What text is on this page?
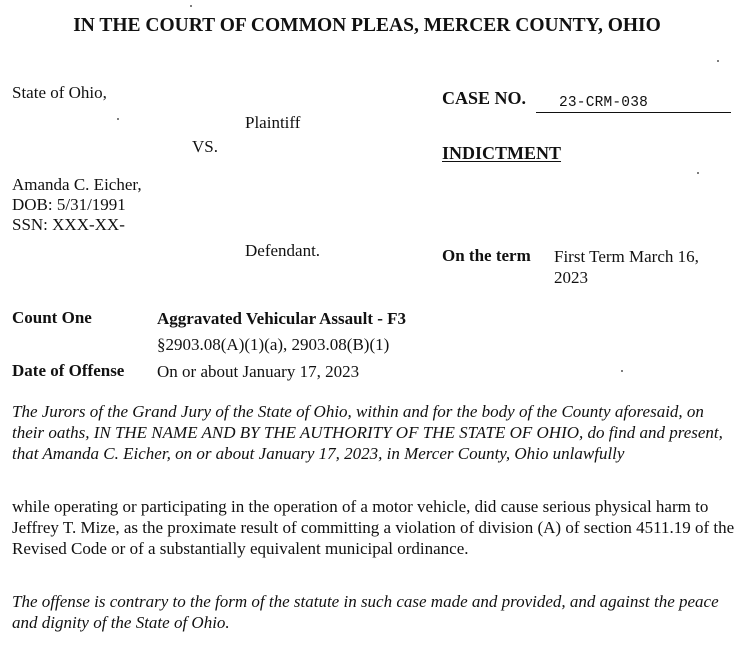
IN THE COURT OF COMMON PLEAS, MERCER COUNTY, OHIO
State of Ohio,
Plaintiff
VS.
Amanda C. Eicher,
DOB: 5/31/1991
SSN: XXX-XX-
Defendant.
CASE NO. 23-CRM-038
INDICTMENT
On the term First Term March 16, 2023
Count One	Aggravated Vehicular Assault - F3
§2903.08(A)(1)(a), 2903.08(B)(1)
Date of Offense On or about January 17, 2023
The Jurors of the Grand Jury of the State of Ohio, within and for the body of the County aforesaid, on their oaths, IN THE NAME AND BY THE AUTHORITY OF THE STATE OF OHIO, do find and present, that Amanda C. Eicher, on or about January 17, 2023, in Mercer County, Ohio unlawfully
while operating or participating in the operation of a motor vehicle, did cause serious physical harm to Jeffrey T. Mize, as the proximate result of committing a violation of division (A) of section 4511.19 of the Revised Code or of a substantially equivalent municipal ordinance.
The offense is contrary to the form of the statute in such case made and provided, and against the peace and dignity of the State of Ohio.
